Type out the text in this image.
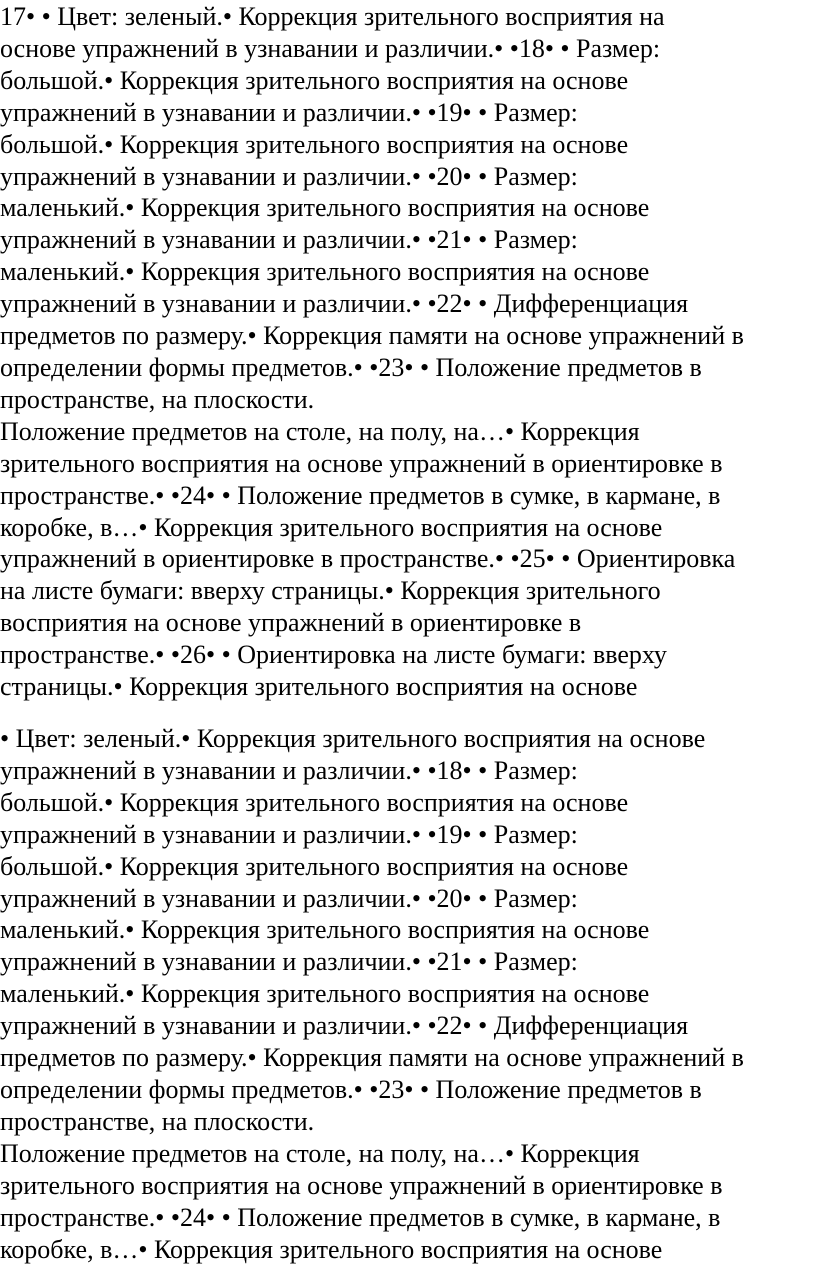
17• • Цвет: зеленый.• Коррекция зрительного восприятия на
основе упражнений в узнавании и различии.• •18• • Размер:
большой.• Коррекция зрительного восприятия на основе
упражнений в узнавании и различии.• •19• • Размер:
большой.• Коррекция зрительного восприятия на основе
упражнений в узнавании и различии.• •20• • Размер:
маленький.• Коррекция зрительного восприятия на основе
упражнений в узнавании и различии.• •21• • Размер:
маленький.• Коррекция зрительного восприятия на основе
упражнений в узнавании и различии.• •22• • Дифференциация
предметов по размеру.• Коррекция памяти на основе упражнений в
определении формы предметов.• •23• • Положение предметов в
пространстве, на плоскости.
Положение предметов на столе, на полу, на…• Коррекция
зрительного восприятия на основе упражнений в ориентировке в
пространстве.• •24• • Положение предметов в сумке, в кармане, в
коробке, в…• Коррекция зрительного восприятия на основе
упражнений в ориентировке в пространстве.• •25• • Ориентировка
на листе бумаги: вверху страницы.• Коррекция зрительного
восприятия на основе упражнений в ориентировке в
пространстве.• •26• • Ориентировка на листе бумаги: вверху
страницы.• Коррекция зрительного восприятия на основе

• Цвет: зеленый.• Коррекция зрительного восприятия на основе
упражнений в узнавании и различии.• •18• • Размер:
большой.• Коррекция зрительного восприятия на основе
упражнений в узнавании и различии.• •19• • Размер:
большой.• Коррекция зрительного восприятия на основе
упражнений в узнавании и различии.• •20• • Размер:
маленький.• Коррекция зрительного восприятия на основе
упражнений в узнавании и различии.• •21• • Размер:
маленький.• Коррекция зрительного восприятия на основе
упражнений в узнавании и различии.• •22• • Дифференциация
предметов по размеру.• Коррекция памяти на основе упражнений в
определении формы предметов.• •23• • Положение предметов в
пространстве, на плоскости.
Положение предметов на столе, на полу, на…• Коррекция
зрительного восприятия на основе упражнений в ориентировке в
пространстве.• •24• • Положение предметов в сумке, в кармане, в
коробке, в…• Коррекция зрительного восприятия на основе
